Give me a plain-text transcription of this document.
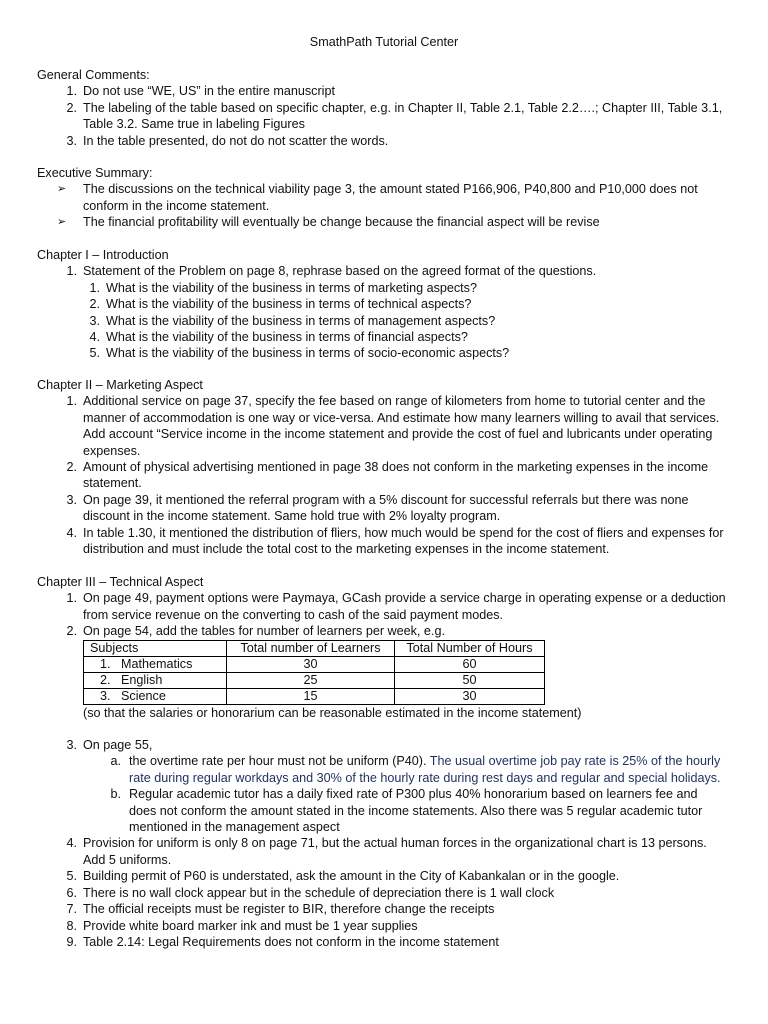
SmathPath Tutorial Center

General Comments:

1. Do not use “WE, US” in the entire manuscript
2. The labeling of the table based on specific chapter, e.g. in Chapter II, Table 2.1, Table 2.2….; Chapter III, Table 3.1, Table 3.2. Same true in labeling Figures
3. In the table presented, do not do not scatter the words.

Executive Summary:

➢	The discussions on the technical viability page 3, the amount stated P166,906, P40,800 and P10,000 does not conform in the income statement.
➢	The financial profitability will eventually be change because the financial aspect will be revise

Chapter I – Introduction

1. Statement of the Problem on page 8, rephrase based on the agreed format of the questions.
1. What is the viability of the business in terms of marketing aspects?
2. What is the viability of the business in terms of technical aspects?
3. What is the viability of the business in terms of management aspects?
4. What is the viability of the business in terms of financial aspects?
5. What is the viability of the business in terms of socio-economic aspects?

Chapter II – Marketing Aspect

1. Additional service on page 37, specify the fee based on range of kilometers from home to tutorial center and the manner of accommodation is one way or vice-versa. And estimate how many learners willing to avail that services. Add account “Service income in the income statement and provide the cost of fuel and lubricants under operating expenses.
2. Amount of physical advertising mentioned in page 38 does not conform in the marketing expenses in the income statement.
3. On page 39, it mentioned the referral program with a 5% discount for successful referrals but there was none discount in the income statement. Same hold true with 2% loyalty program.
4. In table 1.30, it mentioned the distribution of fliers, how much would be spend for the cost of fliers and expenses for distribution and must include the total cost to the marketing expenses in the income statement.

Chapter III – Technical Aspect

1. On page 49, payment options were Paymaya, GCash provide a service charge in operating expense or a deduction from service revenue on the converting to cash of the said payment modes.
2. On page 54, add the tables for number of learners per week, e.g.
Subjects	Total number of Learners	Total Number of Hours
1. Mathematics	30	60
2. English	25	50
3. Science	15	30
(so that the salaries or honorarium can be reasonable estimated in the income statement)
3. On page 55,
a. the overtime rate per hour must not be uniform (P40). The usual overtime job pay rate is 25% of the hourly rate during regular workdays and 30% of the hourly rate during rest days and regular and special holidays.
b. Regular academic tutor has a daily fixed rate of P300 plus 40% honorarium based on learners fee and does not conform the amount stated in the income statements. Also there was 5 regular academic tutor mentioned in the management aspect
4. Provision for uniform is only 8 on page 71, but the actual human forces in the organizational chart is 13 persons. Add 5 uniforms.
5. Building permit of P60 is understated, ask the amount in the City of Kabankalan or in the google.
6. There is no wall clock appear but in the schedule of depreciation there is 1 wall clock
7. The official receipts must be register to BIR, therefore change the receipts
8. Provide white board marker ink and must be 1 year supplies
9. Table 2.14: Legal Requirements does not conform in the income statement
